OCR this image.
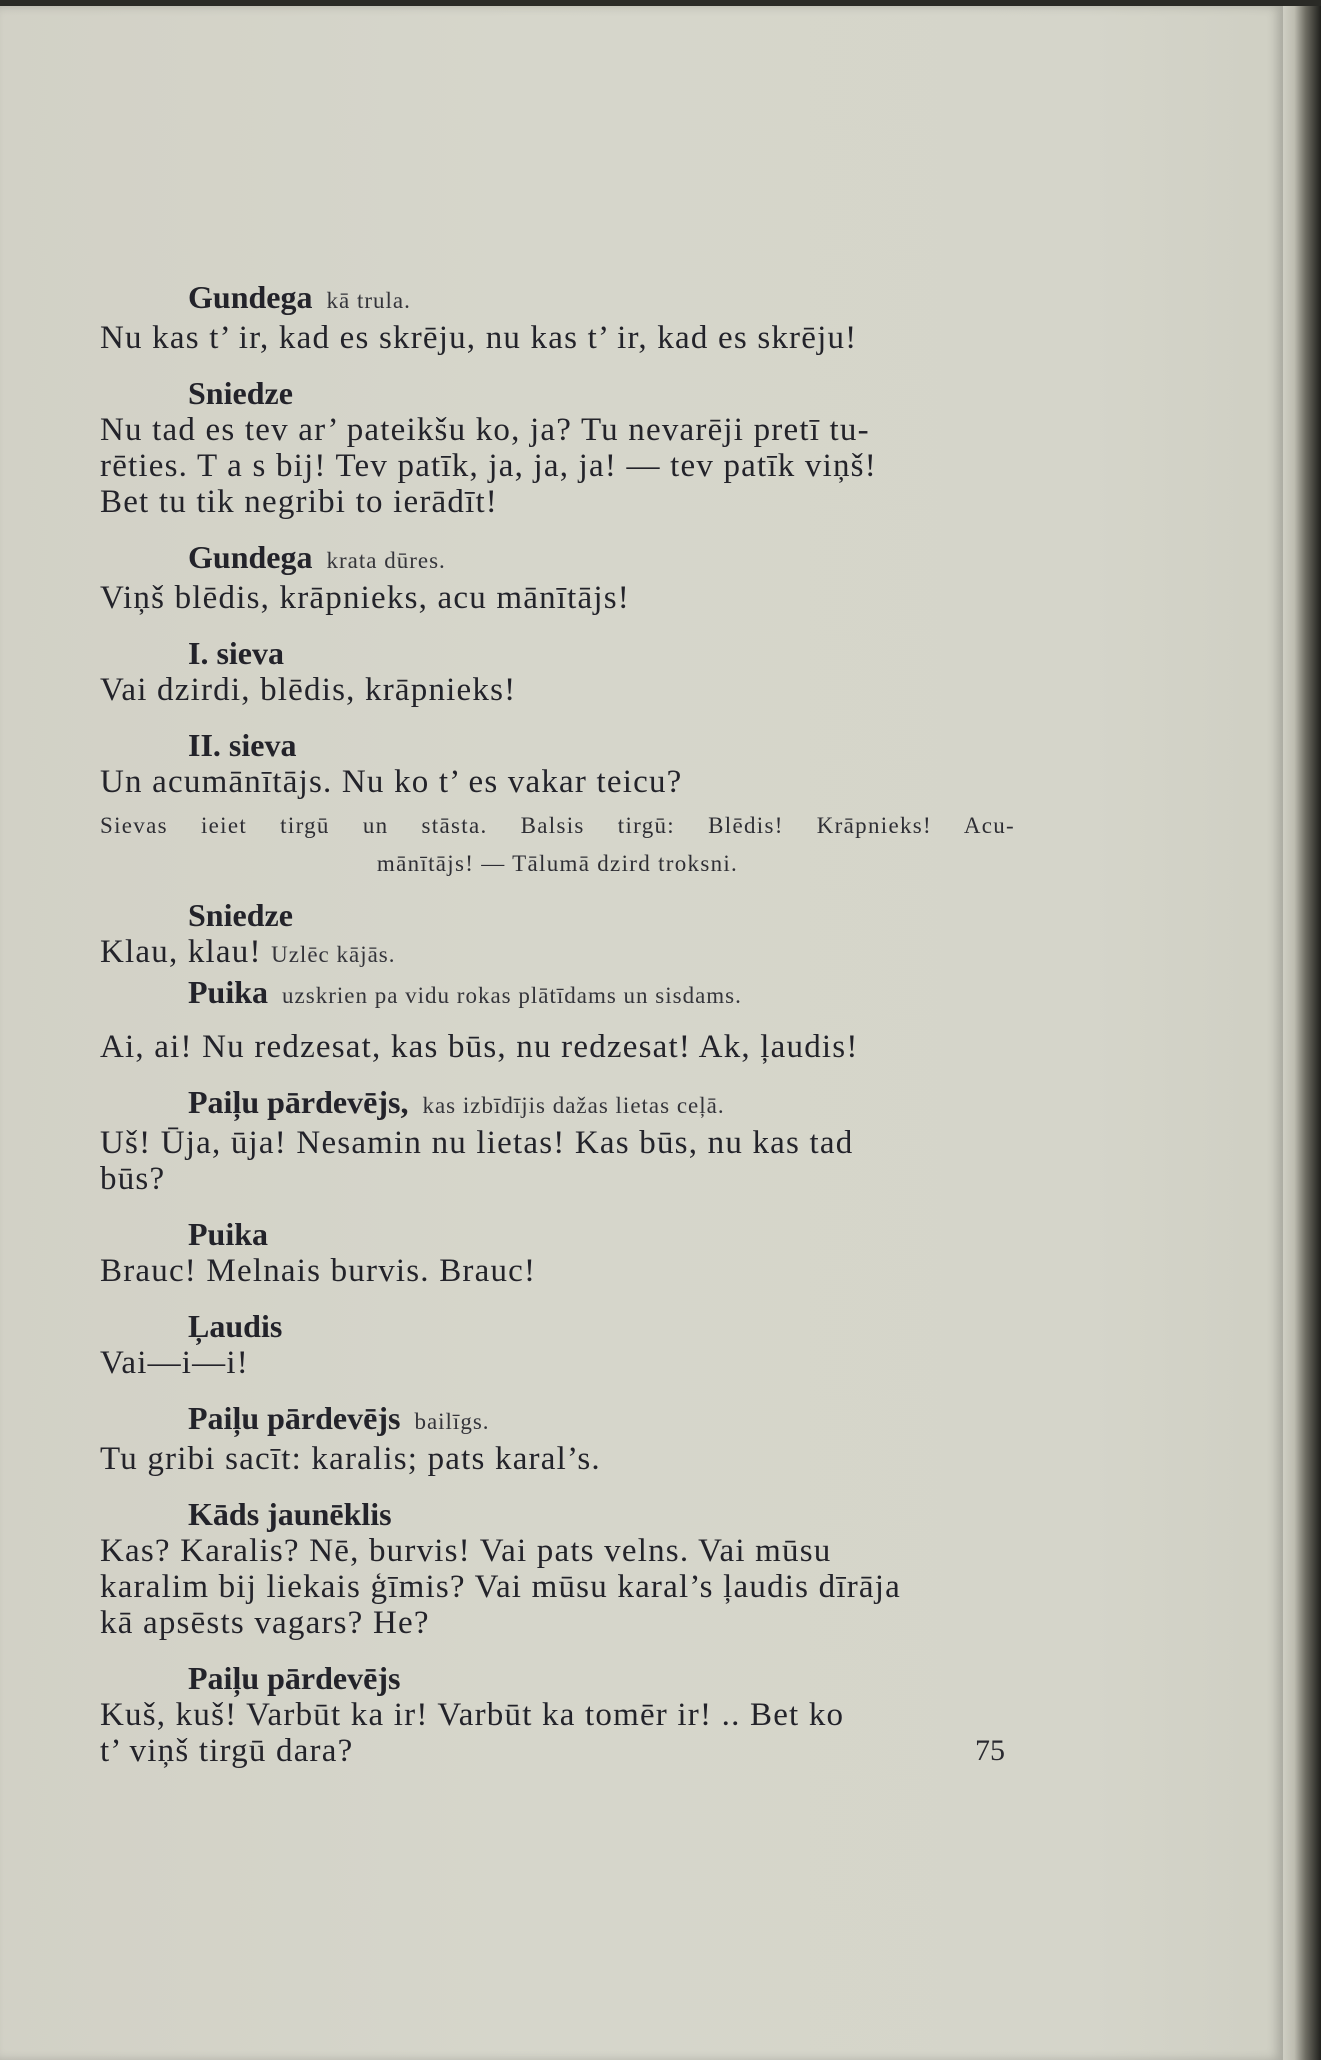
Gundega kā trula.
Nu kas t’ ir, kad es skrēju, nu kas t’ ir, kad es skrēju!
Sniedze
Nu tad es tev ar’ pateikšu ko, ja? Tu nevarēji pretī tu-
rēties. T a s bij! Tev patīk, ja, ja, ja! — tev patīk viņš!
Bet tu tik negribi to ierādīt!
Gundega krata dūres.
Viņš blēdis, krāpnieks, acu mānītājs!
I. sieva
Vai dzirdi, blēdis, krāpnieks!
II. sieva
Un acumānītājs. Nu ko t’ es vakar teicu?
Sievas ieiet tirgū un stāsta. Balsis tirgū: Blēdis! Krāpnieks! Acu-
mānītājs! — Tālumā dzird troksni.
Sniedze
Klau, klau! Uzlēc kājās.
Puika uzskrien pa vidu rokas plātīdams un sisdams.
Ai, ai! Nu redzesat, kas būs, nu redzesat! Ak, ļaudis!
Paiļu pārdevējs, kas izbīdījis dažas lietas ceļā.
Uš! Ūja, ūja! Nesamin nu lietas! Kas būs, nu kas tad
būs?
Puika
Brauc! Melnais burvis. Brauc!
Ļaudis
Vai—i—i!
Paiļu pārdevējs bailīgs.
Tu gribi sacīt: karalis; pats karal’s.
Kāds jaunēklis
Kas? Karalis? Nē, burvis! Vai pats velns. Vai mūsu
karalim bij liekais ģīmis? Vai mūsu karal’s ļaudis dīrāja
kā apsēsts vagars? He?
Paiļu pārdevējs
Kuš, kuš! Varbūt ka ir! Varbūt ka tomēr ir! .. Bet ko
t’ viņš tirgū dara?	75
